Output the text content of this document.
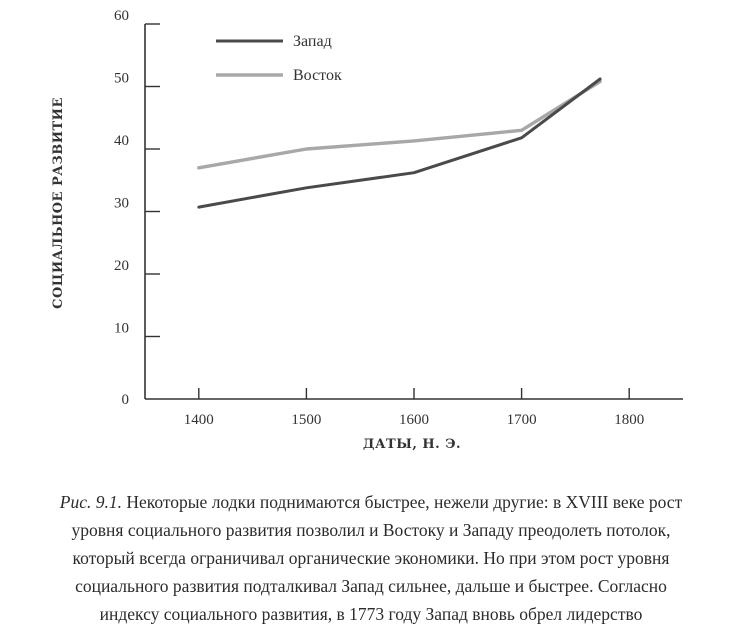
0
10
20
30
40
50
60
1400	1500	1600	1700	1800
Запад
Восток
ДАТЫ, Н. Э.
СОЦИАЛЬНОЕ РАЗВИТИЕ
Рис. 9.1. Некоторые лодки поднимаются быстрее, нежели другие: в XVIII веке рост
уровня социального развития позволил и Востоку и Западу преодолеть потолок,
который всегда ограничивал органические экономики. Но при этом рост уровня
социального развития подталкивал Запад сильнее, дальше и быстрее. Согласно
индексу социального развития, в 1773 году Запад вновь обрел лидерство
